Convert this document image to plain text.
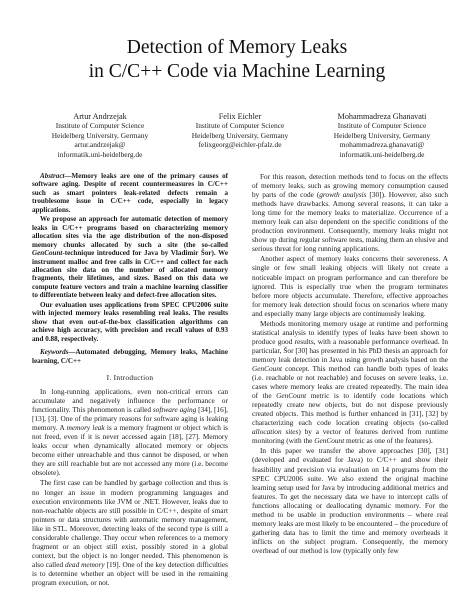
Detection of Memory Leaks
in C/C++ Code via Machine Learning
Artur Andrzejak
Institute of Computer Science
Heidelberg University, Germany
artur.andrzejak@
informatik.uni-heidelberg.de
Felix Eichler
Institute of Computer Science
Heidelberg University, Germany
felixgeorg@eichler-pfalz.de
Mohammadreza Ghanavati
Institute of Computer Science
Heidelberg University, Germany
mohammadreza.ghanavati@
informatik.uni-heidelberg.de

Abstract—Memory leaks are one of the primary causes of software aging. Despite of recent countermeasures in C/C++ such as smart pointers leak-related defects remain a troublesome issue in C/C++ code, especially in legacy applications.

We propose an approach for automatic detection of memory leaks in C/C++ programs based on characterizing memory allocation sites via the age distribution of the non-disposed memory chunks allocated by such a site (the so-called GenCount-technique introduced for Java by Vladimír Šor). We instrument malloc and free calls in C/C++ and collect for each allocation site data on the number of allocated memory fragments, their lifetimes, and sizes. Based on this data we compute feature vectors and train a machine learning classifier to differentiate between leaky and defect-free allocation sites.

Our evaluation uses applications from SPEC CPU2006 suite with injected memory leaks resembling real leaks. The results show that even out-of-the-box classification algorithms can achieve high accuracy, with precision and recall values of 0.93 and 0.88, respectively.

Keywords—Automated debugging, Memory leaks, Machine learning, C/C++

I. Introduction

In long-running applications, even non-critical errors can accumulate and negatively influence the performance or functionality. This phenomenon is called software aging [34], [16], [13], [3]. One of the primary reasons for software aging is leaking memory. A memory leak is a memory fragment or object which is not freed, even if it is never accessed again [18], [27]. Memory leaks occur when dynamically allocated memory or objects become either unreachable and thus cannot be disposed, or when they are still reachable but are not accessed any more (i.e. become obsolete).

The first case can be handled by garbage collection and thus is no longer an issue in modern programming languages and execution environments like JVM or .NET. However, leaks due to non-reachable objects are still possible in C/C++, despite of smart pointers or data structures with automatic memory management, like in STL. Moreover, detecting leaks of the second type is still a considerable challenge. They occur when references to a memory fragment or an object still exist, possibly stored in a global context, but the object is no longer needed. This phenomenon is also called dead memory [19]. One of the key detection difficulties is to determine whether an object will be used in the remaining program execution, or not.

For this reason, detection methods tend to focus on the effects of memory leaks, such as growing memory consumption caused by parts of the code (growth analysis [30]). However, also such methods have drawbacks. Among several reasons, it can take a long time for the memory leaks to materialize. Occurrence of a memory leak can also dependent on the specific conditions of the production environment. Consequently, memory leaks might not show up during regular software tests, making them an elusive and serious threat for long running applications.

Another aspect of memory leaks concerns their severeness. A single or few small leaking objects will likely not create a noticeable impact on program performance and can therefore be ignored. This is especially true when the program terminates before more objects accumulate. Therefore, effective approaches for memory leak detection should focus on scenarios where many and especially many large objects are continuously leaking.

Methods monitoring memory usage at runtime and performing statistical analysis to identify types of leaks have been shown to produce good results, with a reasonable performance overhead. In particular, Šor [30] has presented in his PhD thesis an approach for memory leak detection in Java using growth analysis based on the GenCount concept. This method can handle both types of leaks (i.e. reachable or not reachable) and focuses on severe leaks, i.e. cases where memory leaks are created repeatedly. The main idea of the GenCount metric is to identify code locations which repeatedly create new objects, but do not dispose previously created objects. This method is further enhanced in [31], [32] by characterizing each code location creating objects (so-called allocation sites) by a vector of features derived from runtime monitoring (with the GenCount metric as one of the features).

In this paper we transfer the above approaches [30], [31] (developed and evaluated for Java) to C/C++ and show their feasibility and precision via evaluation on 14 programs from the SPEC CPU2006 suite. We also extend the original machine learning setup used for Java by introducing additional metrics and features. To get the necessary data we have to intercept calls of functions allocating or deallocating dynamic memory. For the method to be usable in production environments – where real memory leaks are most likely to be encountered – the procedure of gathering data has to limit the time and memory overheads it inflicts on the subject program. Consequently, the memory overhead of our method is low (typically only few
